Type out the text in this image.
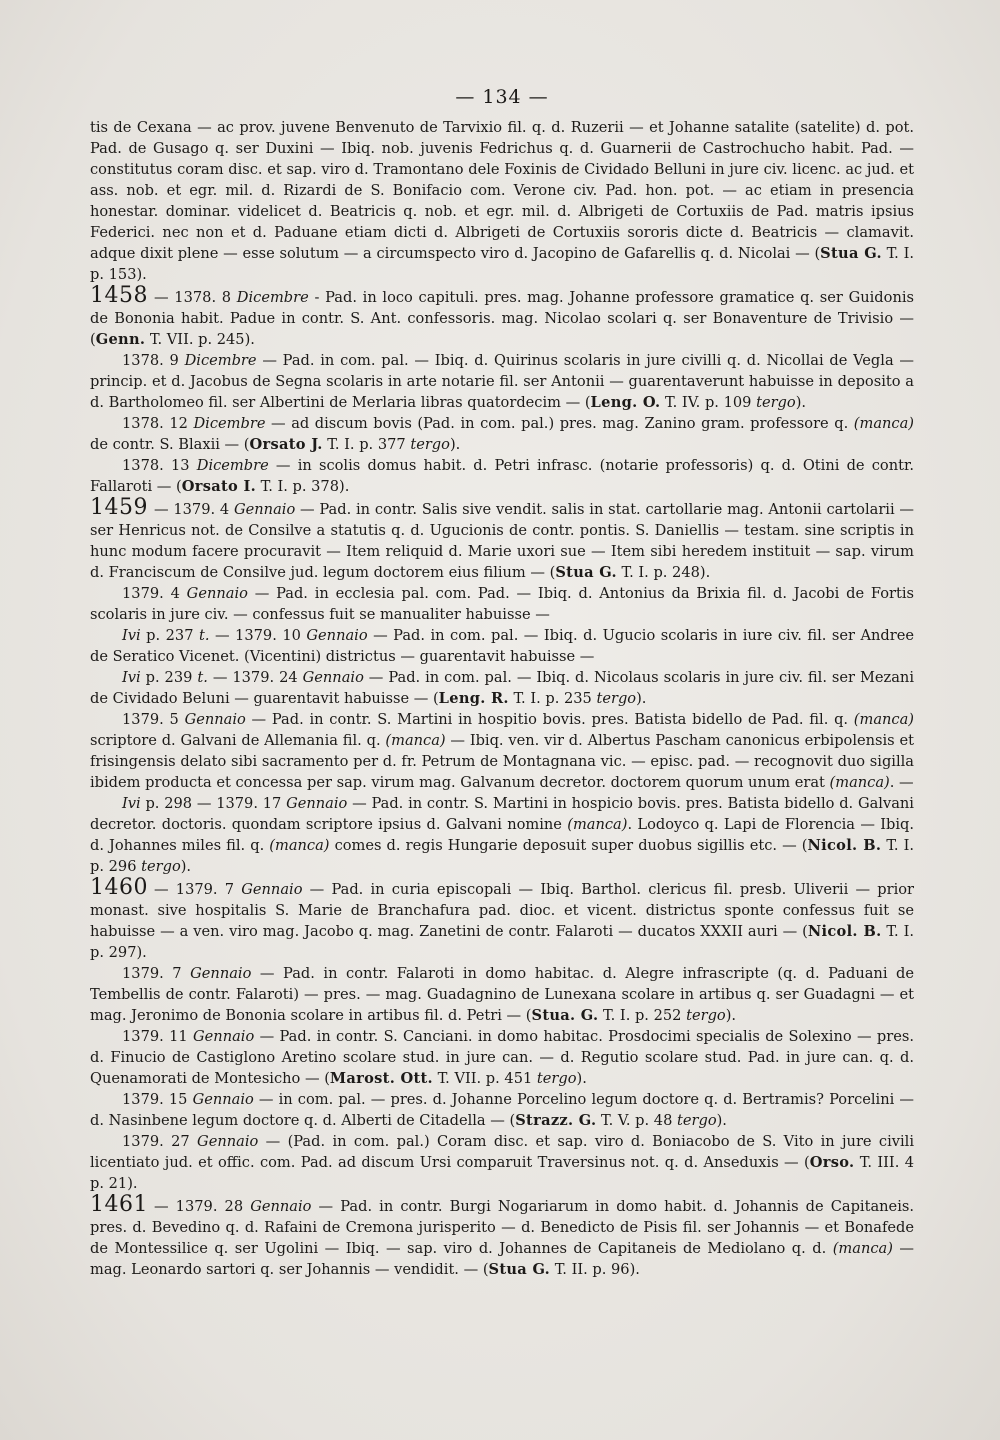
— 134 —

tis de Cexana — ac prov. juvene Benvenuto de Tarvixio fil. q. d. Ruzerii — et Johanne satalite (satelite) d. pot. Pad. de Gusago q. ser Duxini — Ibiq. nob. juvenis Fedrichus q. d. Guarnerii de Castrochucho habit. Pad. — constitutus coram disc. et sap. viro d. Tramontano dele Foxinis de Cividado Belluni in jure civ. licenc. ac jud. et ass. nob. et egr. mil. d. Rizardi de S. Bonifacio com. Verone civ. Pad. hon. pot. — ac etiam in presencia honestar. dominar. videlicet d. Beatricis q. nob. et egr. mil. d. Albrigeti de Cortuxiis de Pad. matris ipsius Federici. nec non et d. Paduane etiam dicti d. Albrigeti de Cortuxiis sororis dicte d. Beatricis — clamavit. adque dixit plene — esse solutum — a circumspecto viro d. Jacopino de Gafarellis q. d. Nicolai — (Stua G. T. I. p. 153).

1458 — 1378. 8 Dicembre - Pad. in loco capituli. pres. mag. Johanne professore gramatice q. ser Guidonis de Bononia habit. Padue in contr. S. Ant. confessoris. mag. Nicolao scolari q. ser Bonaventure de Trivisio — (Genn. T. VII. p. 245).

1378. 9 Dicembre — Pad. in com. pal. — Ibiq. d. Quirinus scolaris in jure civilli q. d. Nicollai de Vegla — princip. et d. Jacobus de Segna scolaris in arte notarie fil. ser Antonii — guarentaverunt habuisse in deposito a d. Bartholomeo fil. ser Albertini de Merlaria libras quatordecim — (Leng. O. T. IV. p. 109 tergo).

1378. 12 Dicembre — ad discum bovis (Pad. in com. pal.) pres. mag. Zanino gram. professore q. (manca) de contr. S. Blaxii — (Orsato J. T. I. p. 377 tergo).

1378. 13 Dicembre — in scolis domus habit. d. Petri infrasc. (notarie professoris) q. d. Otini de contr. Fallaroti — (Orsato I. T. I. p. 378).

1459 — 1379. 4 Gennaio — Pad. in contr. Salis sive vendit. salis in stat. cartollarie mag. Antonii cartolarii — ser Henricus not. de Consilve a statutis q. d. Ugucionis de contr. pontis. S. Daniellis — testam. sine scriptis in hunc modum facere procuravit — Item reliquid d. Marie uxori sue — Item sibi heredem instituit — sap. virum d. Franciscum de Consilve jud. legum doctorem eius filium — (Stua G. T. I. p. 248).

1379. 4 Gennaio — Pad. in ecclesia pal. com. Pad. — Ibiq. d. Antonius da Brixia fil. d. Jacobi de Fortis scolaris in jure civ. — confessus fuit se manualiter habuisse —

Ivi p. 237 t. — 1379. 10 Gennaio — Pad. in com. pal. — Ibiq. d. Ugucio scolaris in iure civ. fil. ser Andree de Seratico Vicenet. (Vicentini) districtus — guarentavit habuisse —

Ivi p. 239 t. — 1379. 24 Gennaio — Pad. in com. pal. — Ibiq. d. Nicolaus scolaris in jure civ. fil. ser Mezani de Cividado Beluni — guarentavit habuisse — (Leng. R. T. I. p. 235 tergo).

1379. 5 Gennaio — Pad. in contr. S. Martini in hospitio bovis. pres. Batista bidello de Pad. fil. q. (manca) scriptore d. Galvani de Allemania fil. q. (manca) — Ibiq. ven. vir d. Albertus Pascham canonicus erbipolensis et frisingensis delato sibi sacramento per d. fr. Petrum de Montagnana vic. — episc. pad. — recognovit duo sigilla ibidem producta et concessa per sap. virum mag. Galvanum decretor. doctorem quorum unum erat (manca). —

Ivi p. 298 — 1379. 17 Gennaio — Pad. in contr. S. Martini in hospicio bovis. pres. Batista bidello d. Galvani decretor. doctoris. quondam scriptore ipsius d. Galvani nomine (manca). Lodoyco q. Lapi de Florencia — Ibiq. d. Johannes miles fil. q. (manca) comes d. regis Hungarie deposuit super duobus sigillis etc. — (Nicol. B. T. I. p. 296 tergo).

1460 — 1379. 7 Gennaio — Pad. in curia episcopali — Ibiq. Barthol. clericus fil. presb. Uliverii — prior monast. sive hospitalis S. Marie de Branchafura pad. dioc. et vicent. districtus sponte confessus fuit se habuisse — a ven. viro mag. Jacobo q. mag. Zanetini de contr. Falaroti — ducatos XXXII auri — (Nicol. B. T. I. p. 297).

1379. 7 Gennaio — Pad. in contr. Falaroti in domo habitac. d. Alegre infrascripte (q. d. Paduani de Tembellis de contr. Falaroti) — pres. — mag. Guadagnino de Lunexana scolare in artibus q. ser Guadagni — et mag. Jeronimo de Bononia scolare in artibus fil. d. Petri — (Stua. G. T. I. p. 252 tergo).

1379. 11 Gennaio — Pad. in contr. S. Canciani. in domo habitac. Prosdocimi specialis de Solexino — pres. d. Finucio de Castiglono Aretino scolare stud. in jure can. — d. Regutio scolare stud. Pad. in jure can. q. d. Quenamorati de Montesicho — (Marost. Ott. T. VII. p. 451 tergo).

1379. 15 Gennaio — in com. pal. — pres. d. Johanne Porcelino legum doctore q. d. Bertramis? Porcelini — d. Nasinbene legum doctore q. d. Alberti de Citadella — (Strazz. G. T. V. p. 48 tergo).

1379. 27 Gennaio — (Pad. in com. pal.) Coram disc. et sap. viro d. Boniacobo de S. Vito in jure civili licentiato jud. et offic. com. Pad. ad discum Ursi comparuit Traversinus not. q. d. Anseduxis — (Orso. T. III. 4 p. 21).

1461 — 1379. 28 Gennaio — Pad. in contr. Burgi Nogariarum in domo habit. d. Johannis de Capitaneis. pres. d. Bevedino q. d. Rafaini de Cremona jurisperito — d. Benedicto de Pisis fil. ser Johannis — et Bonafede de Montessilice q. ser Ugolini — Ibiq. — sap. viro d. Johannes de Capitaneis de Mediolano q. d. (manca) — mag. Leonardo sartori q. ser Johannis — vendidit. — (Stua G. T. II. p. 96).
